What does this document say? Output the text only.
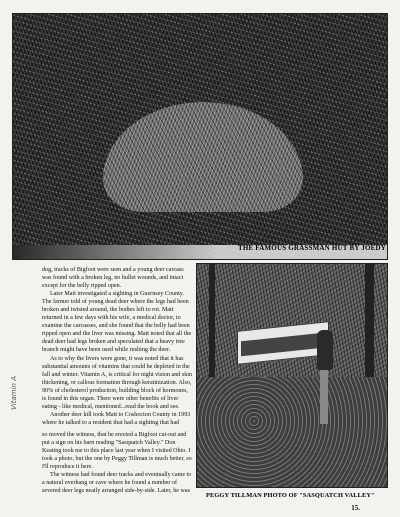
THE FAMOUS GRASSMAN HUT BY JOEDY

dog, tracks of Bigfoot were seen and a young deer carcass was found with a broken leg, no bullet wounds, and intact except for the belly ripped open.

Later Matt investigated a sighting in Guernsey County. The farmer told of young dead deer where the legs had been broken and twisted around, the bodies left to rot. Matt returned in a few days with his wife, a medical doctor, to examine the carcasses, and she found that the belly had been ripped open and the liver was missing. Matt noted that all the dead deer had legs broken and speculated that a heavy tree branch might have been used while rushing the deer.

As to why the livers were gone, it was noted that it has substantial amounts of vitamins that could be depleted in the fall and winter. Vitamin A, is critical for night vision and skin thickening, or callous formation through keratinization. Also, 90% of cholesterol production, building block of hormones, is found in this organ. There were other benefits of liver eating - like medical, mentioned...read the book and see.

Another deer kill took Matt to Coshocton County in 1993 where he talked to a resident that had a sighting that had

so moved the witness, that he erected a Bigfoot cut-out and put a sign on his barn reading "Sasquatch Valley." Don Keating took me to this place last year when I visited Ohio. I took a photo, but the one by Peggy Tillman is much better, so I'll reproduce it here.

The witness had found deer tracks and eventually came to a natural overhang or cave where he found a number of severed deer legs neatly arranged side-by-side. Later, he was

PEGGY TILLMAN PHOTO OF "SASQUATCH VALLEY"
Vitamin A
15.
